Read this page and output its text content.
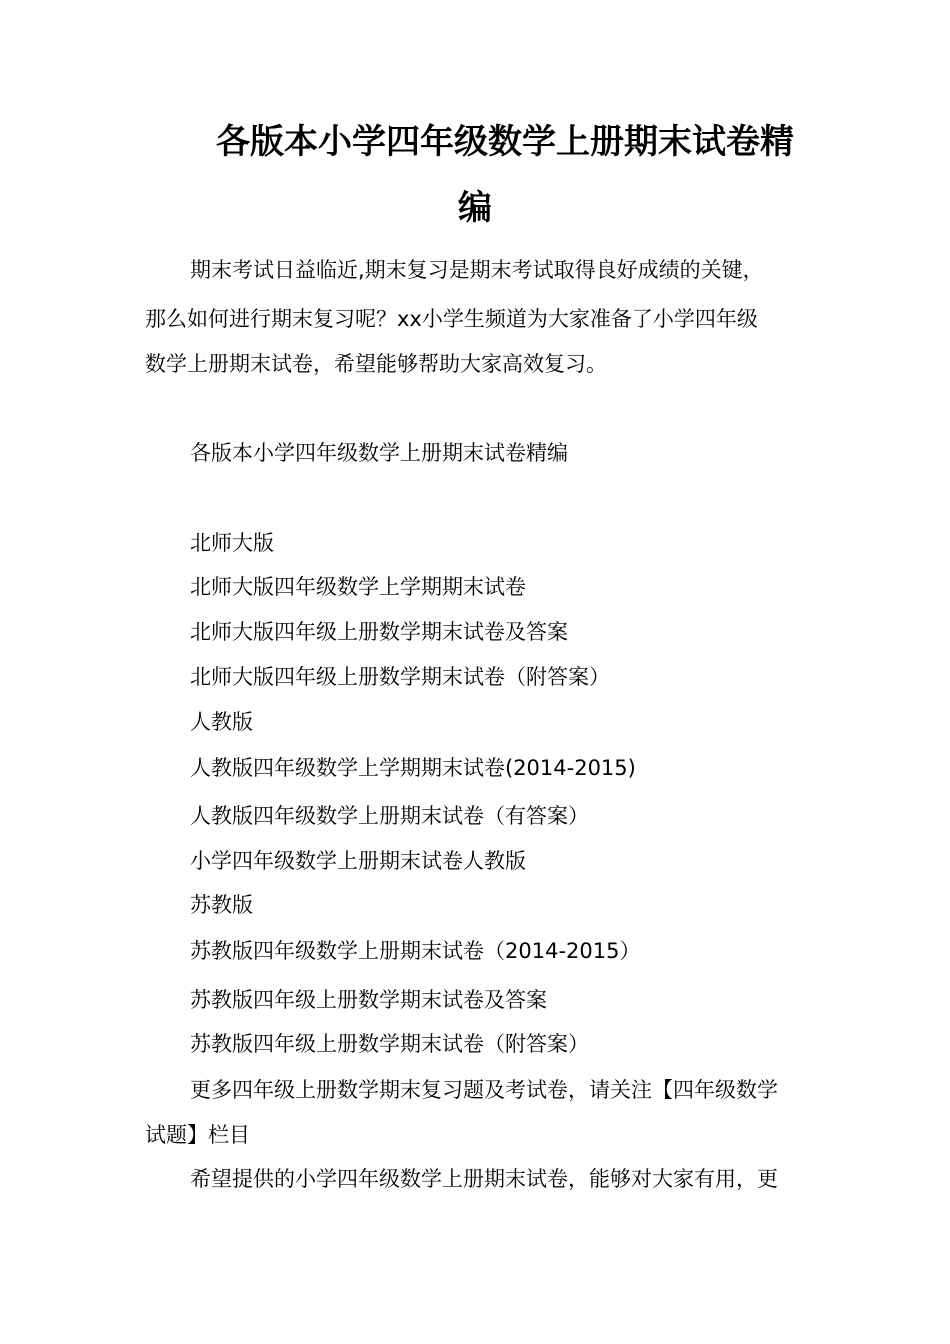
各版本小学四年级数学上册期末试卷精
编
期末考试日益临近,期末复习是期末考试取得良好成绩的关键，
那么如何进行期末复习呢？xx小学生频道为大家准备了小学四年级
数学上册期末试卷，希望能够帮助大家高效复习。
各版本小学四年级数学上册期末试卷精编
北师大版
北师大版四年级数学上学期期末试卷
北师大版四年级上册数学期末试卷及答案
北师大版四年级上册数学期末试卷（附答案）
人教版
人教版四年级数学上学期期末试卷(2014-2015)
人教版四年级数学上册期末试卷（有答案）
小学四年级数学上册期末试卷人教版
苏教版
苏教版四年级数学上册期末试卷（2014-2015）
苏教版四年级上册数学期末试卷及答案
苏教版四年级上册数学期末试卷（附答案）
更多四年级上册数学期末复习题及考试卷，请关注【四年级数学
试题】栏目
希望提供的小学四年级数学上册期末试卷，能够对大家有用，更
